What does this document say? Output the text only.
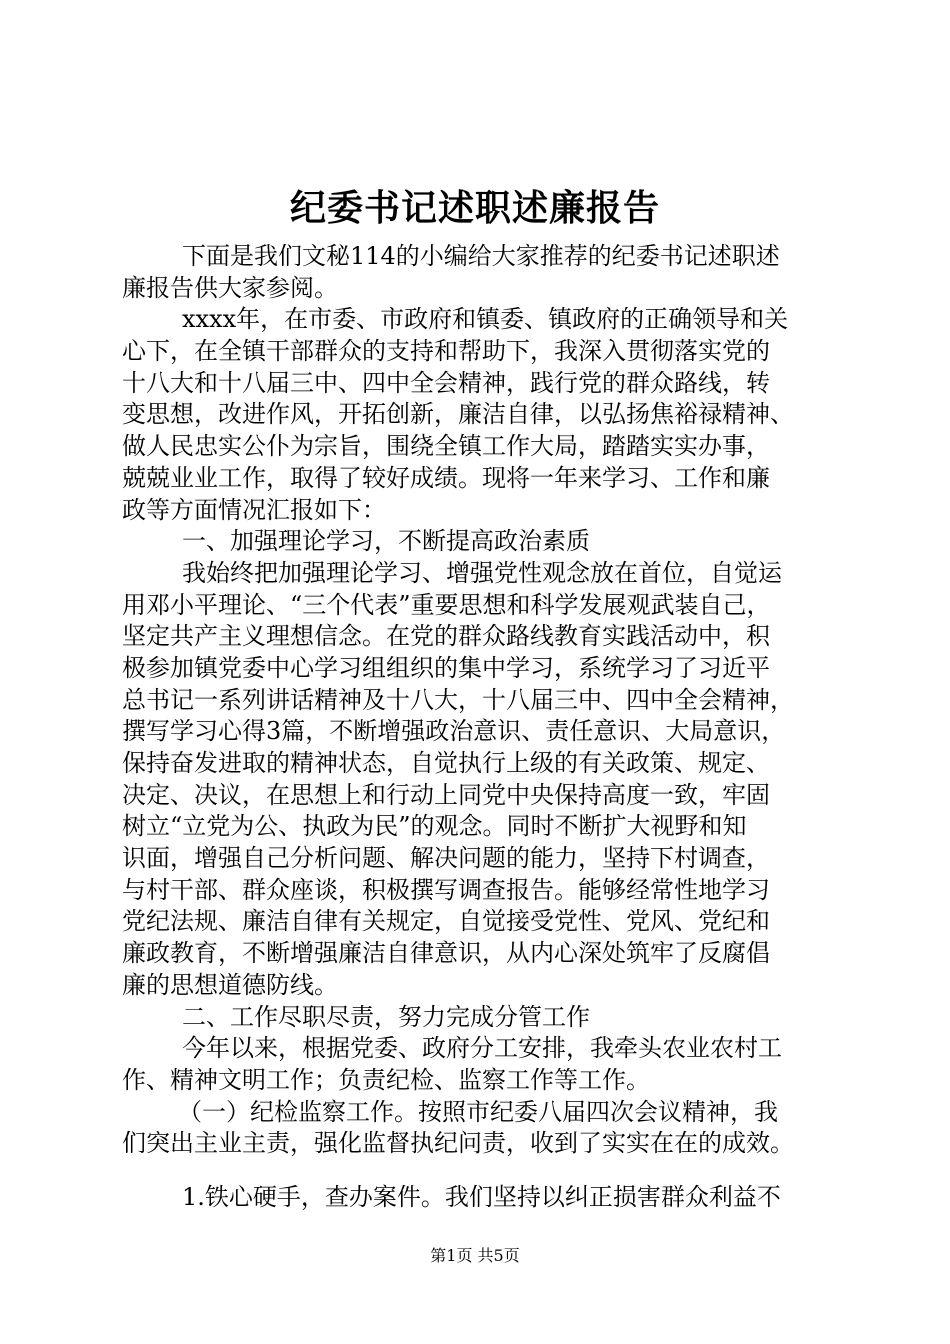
纪委书记述职述廉报告
下面是我们文秘114的小编给大家推荐的纪委书记述职述
廉报告供大家参阅。
xxxx年，在市委、市政府和镇委、镇政府的正确领导和关
心下，在全镇干部群众的支持和帮助下，我深入贯彻落实党的
十八大和十八届三中、四中全会精神，践行党的群众路线，转
变思想，改进作风，开拓创新，廉洁自律，以弘扬焦裕禄精神、
做人民忠实公仆为宗旨，围绕全镇工作大局，踏踏实实办事，
兢兢业业工作，取得了较好成绩。现将一年来学习、工作和廉
政等方面情况汇报如下：
一、加强理论学习，不断提高政治素质
我始终把加强理论学习、增强党性观念放在首位，自觉运
用邓小平理论、“三个代表”重要思想和科学发展观武装自己，
坚定共产主义理想信念。在党的群众路线教育实践活动中，积
极参加镇党委中心学习组组织的集中学习，系统学习了习近平
总书记一系列讲话精神及十八大，十八届三中、四中全会精神，
撰写学习心得3篇，不断增强政治意识、责任意识、大局意识，
保持奋发进取的精神状态，自觉执行上级的有关政策、规定、
决定、决议，在思想上和行动上同党中央保持高度一致，牢固
树立“立党为公、执政为民”的观念。同时不断扩大视野和知
识面，增强自己分析问题、解决问题的能力，坚持下村调查，
与村干部、群众座谈，积极撰写调查报告。能够经常性地学习
党纪法规、廉洁自律有关规定，自觉接受党性、党风、党纪和
廉政教育，不断增强廉洁自律意识，从内心深处筑牢了反腐倡
廉的思想道德防线。
二、工作尽职尽责，努力完成分管工作
今年以来，根据党委、政府分工安排，我牵头农业农村工
作、精神文明工作；负责纪检、监察工作等工作。
（一）纪检监察工作。按照市纪委八届四次会议精神，我
们突出主业主责，强化监督执纪问责，收到了实实在在的成效。
1.铁心硬手，查办案件。我们坚持以纠正损害群众利益不
第1页 共5页
